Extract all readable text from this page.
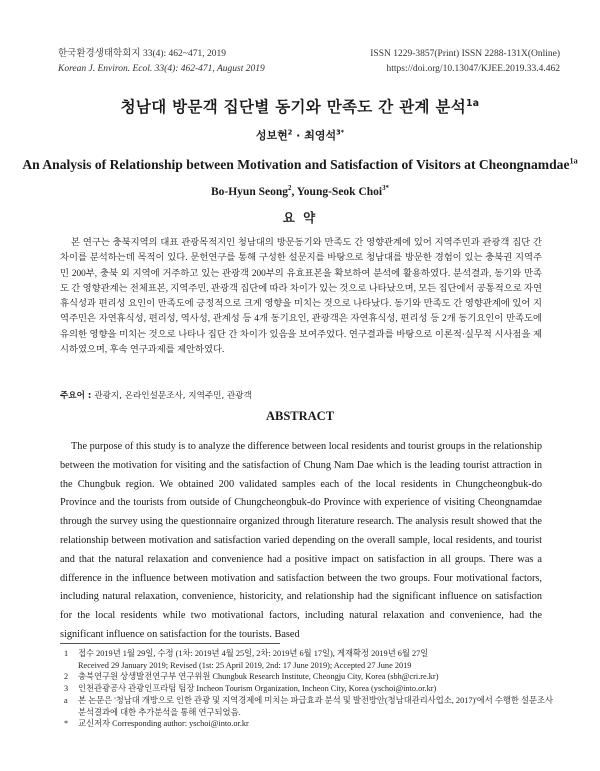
한국환경생태학회지 33(4): 462~471, 2019
Korean J. Environ. Ecol. 33(4): 462-471, August 2019
ISSN 1229-3857(Print) ISSN 2288-131X(Online)
https://doi.org/10.13047/KJEE.2019.33.4.462
청남대 방문객 집단별 동기와 만족도 간 관계 분석$^{1a}$
성보현$^2$ · 최영석$^{3*}$
An Analysis of Relationship between Motivation and Satisfaction of Visitors at Cheongnamdae$^{1a}$
Bo-Hyun Seong$^2$, Young-Seok Choi$^{3*}$
요 약

본 연구는 충북지역의 대표 관광목적지인 청남대의 방문동기와 만족도 간 영향관계에 있어 지역주민과 관광객 집단 간 차이를 분석하는데 목적이 있다. 문헌연구를 통해 구성한 설문지를 바탕으로 청남대를 방문한 경험이 있는 충북권 지역주민 200부, 충북 외 지역에 거주하고 있는 관광객 200부의 유효표본을 확보하여 분석에 활용하였다. 분석결과, 동기와 만족도 간 영향관계는 전체표본, 지역주민, 관광객 집단에 따라 차이가 있는 것으로 나타났으며, 모든 집단에서 공통적으로 자연휴식성과 편리성 요인이 만족도에 긍정적으로 크게 영향을 미치는 것으로 나타났다. 동기와 만족도 간 영향관계에 있어 지역주민은 자연휴식성, 편리성, 역사성, 관계성 등 4개 동기요인, 관광객은 자연휴식성, 편리성 등 2개 동기요인이 만족도에 유의한 영향을 미치는 것으로 나타나 집단 간 차이가 있음을 보여주었다. 연구결과를 바탕으로 이론적·실무적 시사점을 제시하였으며, 후속 연구과제를 제안하였다.

주요어 : 관광지, 온라인설문조사, 지역주민, 관광객
ABSTRACT

The purpose of this study is to analyze the difference between local residents and tourist groups in the relationship between the motivation for visiting and the satisfaction of Chung Nam Dae which is the leading tourist attraction in the Chungbuk region. We obtained 200 validated samples each of the local residents in Chungcheongbuk-do Province and the tourists from outside of Chungcheongbuk-do Province with experience of visiting Cheongnamdae through the survey using the questionnaire organized through literature research. The analysis result showed that the relationship between motivation and satisfaction varied depending on the overall sample, local residents, and tourist and that the natural relaxation and convenience had a positive impact on satisfaction in all groups. There was a difference in the influence between motivation and satisfaction between the two groups. Four motivational factors, including natural relaxation, convenience, historicity, and relationship had the significant influence on satisfaction for the local residents while two motivational factors, including natural relaxation and convenience, had the significant influence on satisfaction for the tourists. Based

1 접수 2019년 1월 29일, 수정 (1차: 2019년 4월 25일, 2차: 2019년 6월 17일), 게재확정 2019년 6월 27일
Received 29 January 2019; Revised (1st: 25 April 2019, 2nd: 17 June 2019); Accepted 27 June 2019
2 충북연구원 상생발전연구부 연구위원 Chungbuk Research Institute, Cheongju City, Korea (sbh@cri.re.kr)
3 인천관광공사 관광인프라팀 팀장 Incheon Tourism Organization, Incheon City, Korea (yschoi@into.or.kr)
a 본 논문은 '청남대 개방으로 인한 관광 및 지역경제에 미치는 파급효과 분석 및 발전방안(청남대관리사업소, 2017)'에서 수행한 설문조사
분석결과에 대한 추가분석을 통해 연구되었음.
* 교신저자 Corresponding author: yschoi@into.or.kr
